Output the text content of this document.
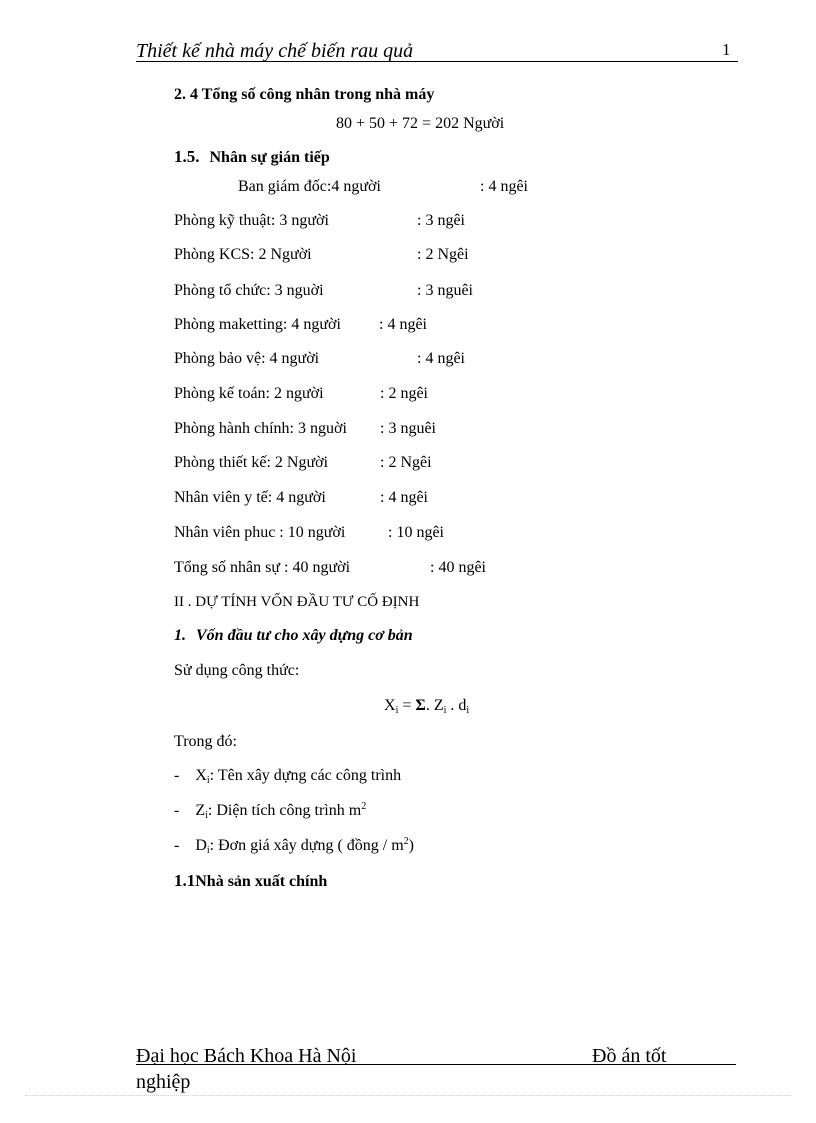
Thiết kế nhà máy chế biến rau quả	1
2. 4 Tổng số công nhân trong nhà máy
80 + 50 + 72 = 202 Người
1.5. Nhân sự gián tiếp
Ban giám đốc:4 người	: 4 ngêi
Phòng kỹ thuật: 3 người	: 3 ngêi
Phòng KCS: 2 Người	: 2 Ngêi
Phòng tổ chức: 3 nguời	: 3 nguêi
Phòng maketting: 4 người : 4 ngêi
Phòng bảo vệ: 4 người	: 4 ngêi
Phòng kế toán: 2 người	: 2 ngêi
Phòng hành chính: 3 nguời : 3 nguêi
Phòng thiết kế: 2 Người	: 2 Ngêi
Nhân viên y tế: 4 người	: 4 ngêi
Nhân viên phuc : 10 người	: 10 ngêi
Tổng số nhân sự : 40 người	: 40 ngêi
II . DỰ TÍNH VỐN ĐẦU TƯ CỐ ĐỊNH
1. Vốn đầu tư cho xây dựng cơ bản
Sử dụng công thức:
$X_i = \Sigma$. $Z_i$ . $d_i$
Trong đó:
- $X_i$: Tên xây dựng các công trình
- $Z_i$: Diện tích công trình $m^2$
- $D_i$: Đơn giá xây dựng ( đồng / $m^2$)
1.1Nhà sản xuất chính
Đại học Bách Khoa Hà Nội	Đồ án tốt
nghiệp
